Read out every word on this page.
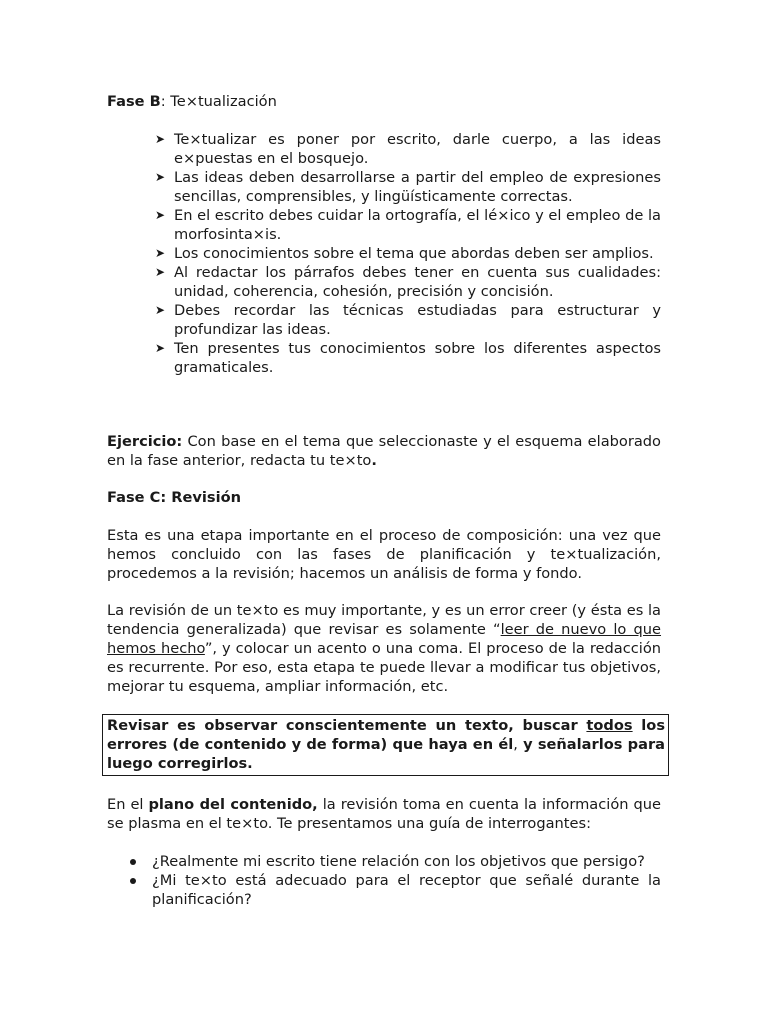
Fase B: Te×tualización
➤ Te×tualizar es poner por escrito, darle cuerpo, a las ideas e×puestas en el bosquejo.
➤ Las ideas deben desarrollarse a partir del empleo de expresiones sencillas, comprensibles, y lingüísticamente correctas.
➤ En el escrito debes cuidar la ortografía, el lé×ico y el empleo de la morfosinta×is.
➤ Los conocimientos sobre el tema que abordas deben ser amplios.
➤ Al redactar los párrafos debes tener en cuenta sus cualidades: unidad, coherencia, cohesión, precisión y concisión.
➤ Debes recordar las técnicas estudiadas para estructurar y profundizar las ideas.
➤ Ten presentes tus conocimientos sobre los diferentes aspectos gramaticales.
Ejercicio: Con base en el tema que seleccionaste y el esquema elaborado en la fase anterior, redacta tu te×to.
Fase C: Revisión

Esta es una etapa importante en el proceso de composición: una vez que hemos concluido con las fases de planificación y te×tualización, procedemos a la revisión; hacemos un análisis de forma y fondo.

La revisión de un te×to es muy importante, y es un error creer (y ésta es la tendencia generalizada) que revisar es solamente “leer de nuevo lo que hemos hecho”, y colocar un acento o una coma. El proceso de la redacción es recurrente. Por eso, esta etapa te puede llevar a modificar tus objetivos, mejorar tu esquema, ampliar información, etc.

Revisar es observar conscientemente un texto, buscar todos los errores (de contenido y de forma) que haya en él, y señalarlos para luego corregirlos.

En el plano del contenido, la revisión toma en cuenta la información que se plasma en el te×to. Te presentamos una guía de interrogantes:

¿Realmente mi escrito tiene relación con los objetivos que persigo?
¿Mi te×to está adecuado para el receptor que señalé durante la planificación?
